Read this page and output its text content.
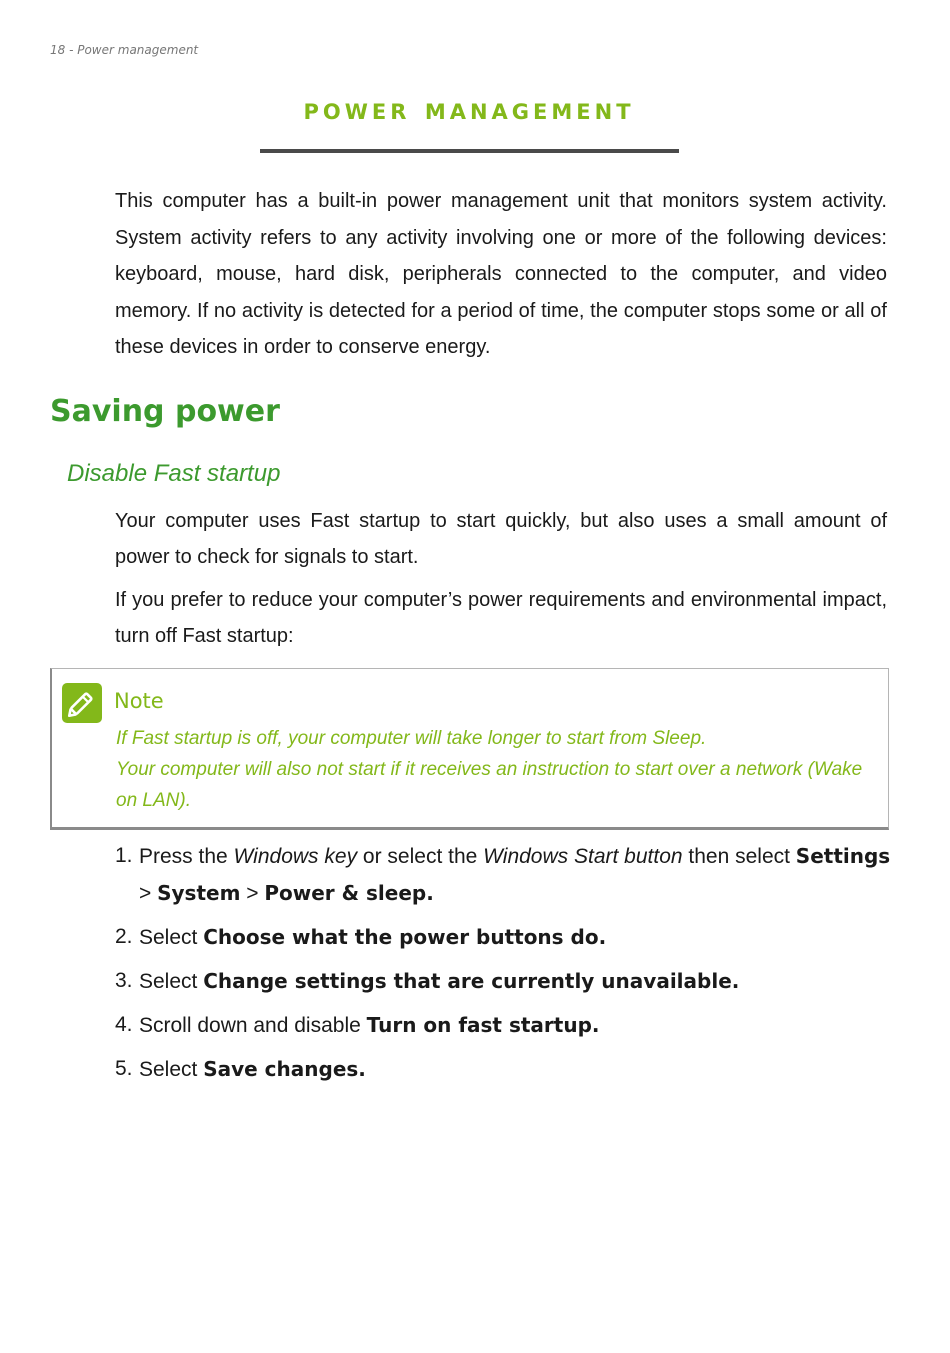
18 - Power management
power management
This computer has a built-in power management unit that monitors system activity. System activity refers to any activity involving one or more of the following devices: keyboard, mouse, hard disk, peripherals connected to the computer, and video memory. If no activity is detected for a period of time, the computer stops some or all of these devices in order to conserve energy.
Saving power
Disable Fast startup
Your computer uses Fast startup to start quickly, but also uses a small amount of power to check for signals to start.
If you prefer to reduce your computer’s power requirements and environmental impact, turn off Fast startup:
Note
If Fast startup is off, your computer will take longer to start from Sleep.
Your computer will also not start if it receives an instruction to start over a network (Wake on LAN).
1. Press the Windows key or select the Windows Start button then select Settings > System > Power & sleep.
2. Select Choose what the power buttons do.
3. Select Change settings that are currently unavailable.
4. Scroll down and disable Turn on fast startup.
5. Select Save changes.
